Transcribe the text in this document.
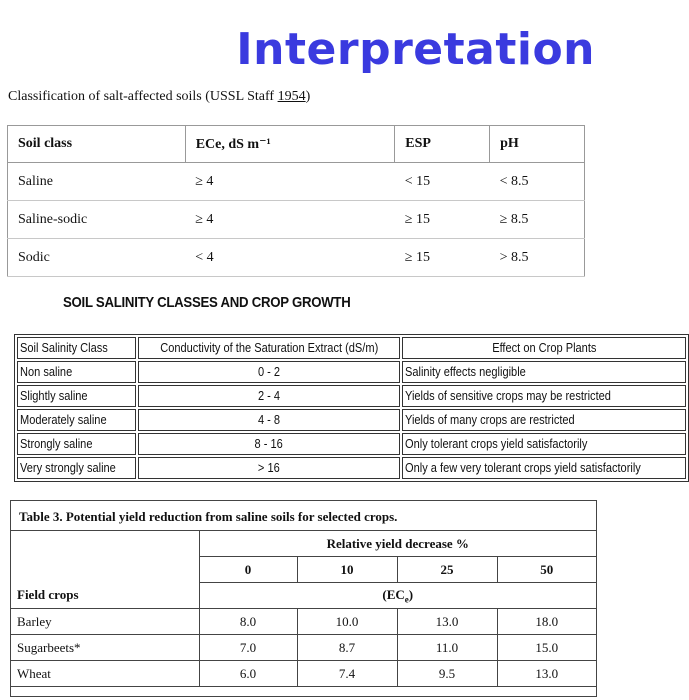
Interpretation
Classification of salt-affected soils (USSL Staff 1954)
Soil class	ECe, dS m⁻¹	ESP	pH
Saline	≥ 4	< 15	< 8.5
Saline-sodic	≥ 4	≥ 15	≥ 8.5
Sodic	< 4	≥ 15	> 8.5
SOIL SALINITY CLASSES AND CROP GROWTH
Soil Salinity Class	Conductivity of the Saturation Extract (dS/m)	Effect on Crop Plants
Non saline	0 - 2	Salinity effects negligible
Slightly saline	2 - 4	Yields of sensitive crops may be restricted
Moderately saline	4 - 8	Yields of many crops are restricted
Strongly saline	8 - 16	Only tolerant crops yield satisfactorily
Very strongly saline	> 16	Only a few very tolerant crops yield satisfactorily
Table 3. Potential yield reduction from saline soils for selected crops.
	Relative yield decrease %			
	0	10	25	50
Field crops	$(EC_e)$			
Barley	8.0	10.0	13.0	18.0
Sugarbeets*	7.0	8.7	11.0	15.0
Wheat	6.0	7.4	9.5	13.0
